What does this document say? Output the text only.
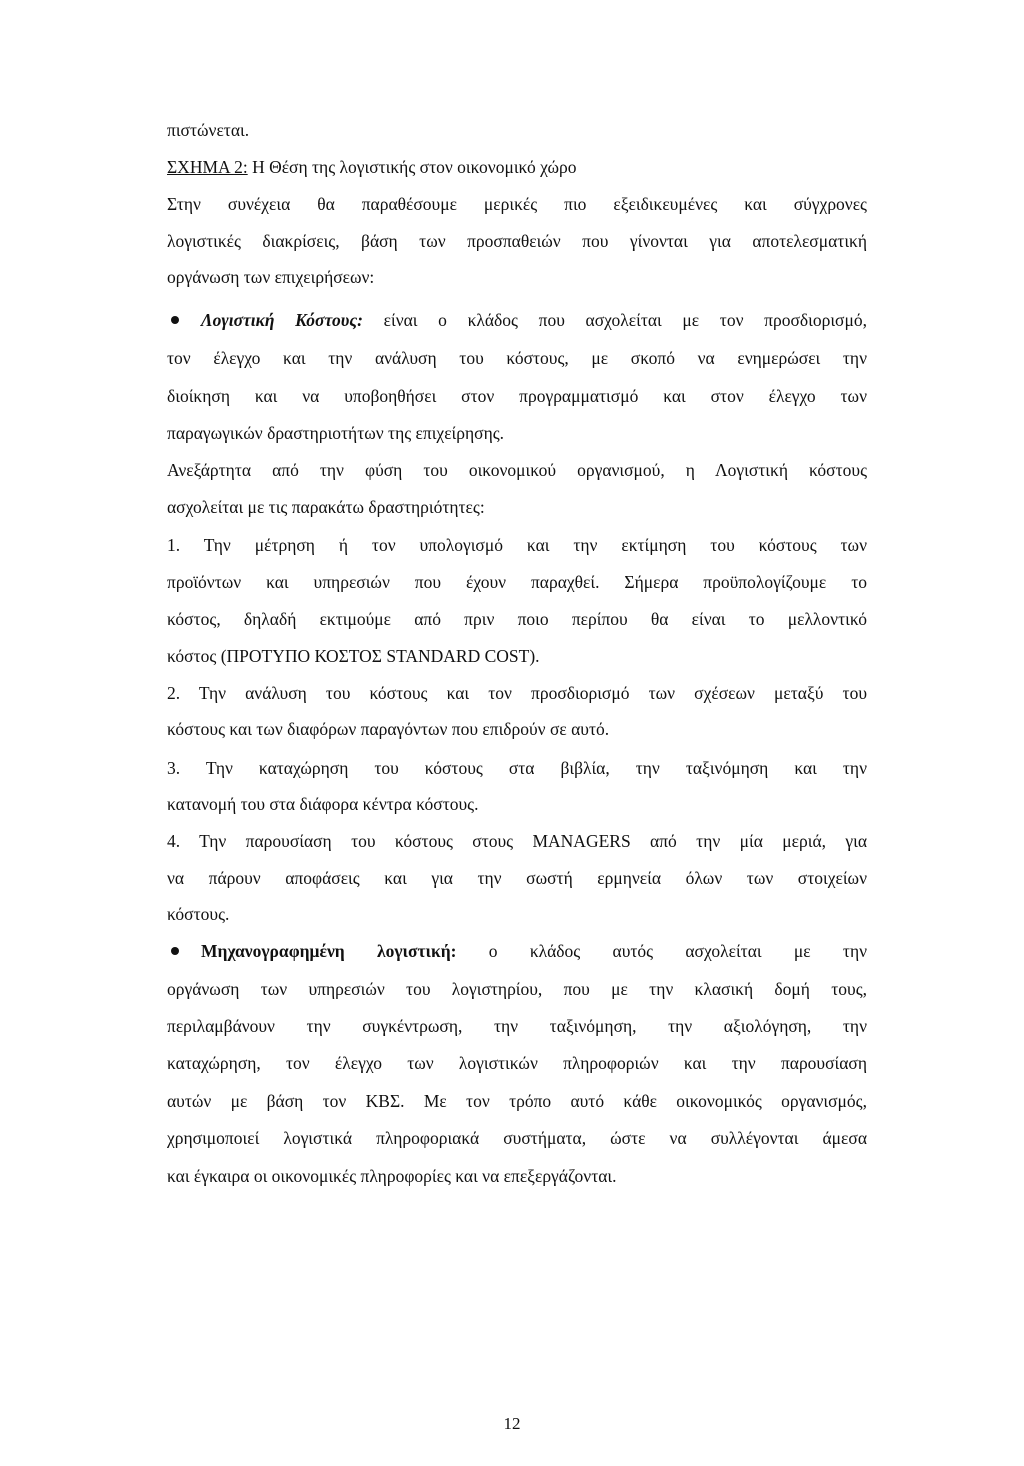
πιστώνεται.
ΣΧΗΜΑ 2: Η Θέση της λογιστικής στον οικονομικό χώρο
Στην συνέχεια θα παραθέσουμε μερικές πιο εξειδικευμένες και σύγχρονες
λογιστικές διακρίσεις, βάση των προσπαθειών που γίνονται για αποτελεσματική
οργάνωση των επιχειρήσεων:
Λογιστική Κόστους: είναι ο κλάδος που ασχολείται με τον προσδιορισμό,
τον έλεγχο και την ανάλυση του κόστους, με σκοπό να ενημερώσει την
διοίκηση και να υποβοηθήσει στον προγραμματισμό και στον έλεγχο των
παραγωγικών δραστηριοτήτων της επιχείρησης.
Ανεξάρτητα από την φύση του οικονομικού οργανισμού, η Λογιστική κόστους
ασχολείται με τις παρακάτω δραστηριότητες:
1. Την μέτρηση ή τον υπολογισμό και την εκτίμηση του κόστους των
προϊόντων και υπηρεσιών που έχουν παραχθεί. Σήμερα προϋπολογίζουμε το
κόστος, δηλαδή εκτιμούμε από πριν ποιο περίπου θα είναι το μελλοντικό
κόστος (ΠΡΟΤΥΠΟ ΚΟΣΤΟΣ STANDARD COST).
2. Την ανάλυση του κόστους και τον προσδιορισμό των σχέσεων μεταξύ του
κόστους και των διαφόρων παραγόντων που επιδρούν σε αυτό.
3. Την καταχώρηση του κόστους στα βιβλία, την ταξινόμηση και την
κατανομή του στα διάφορα κέντρα κόστους.
4. Την παρουσίαση του κόστους στους MANAGERS από την μία μεριά, για
να πάρουν αποφάσεις και για την σωστή ερμηνεία όλων των στοιχείων
κόστους.
Μηχανογραφημένη λογιστική: ο κλάδος αυτός ασχολείται με την
οργάνωση των υπηρεσιών του λογιστηρίου, που με την κλασική δομή τους,
περιλαμβάνουν την συγκέντρωση, την ταξινόμηση, την αξιολόγηση, την
καταχώρηση, τον έλεγχο των λογιστικών πληροφοριών και την παρουσίαση
αυτών με βάση τον ΚΒΣ. Με τον τρόπο αυτό κάθε οικονομικός οργανισμός,
χρησιμοποιεί λογιστικά πληροφοριακά συστήματα, ώστε να συλλέγονται άμεσα
και έγκαιρα οι οικονομικές πληροφορίες και να επεξεργάζονται.
12
